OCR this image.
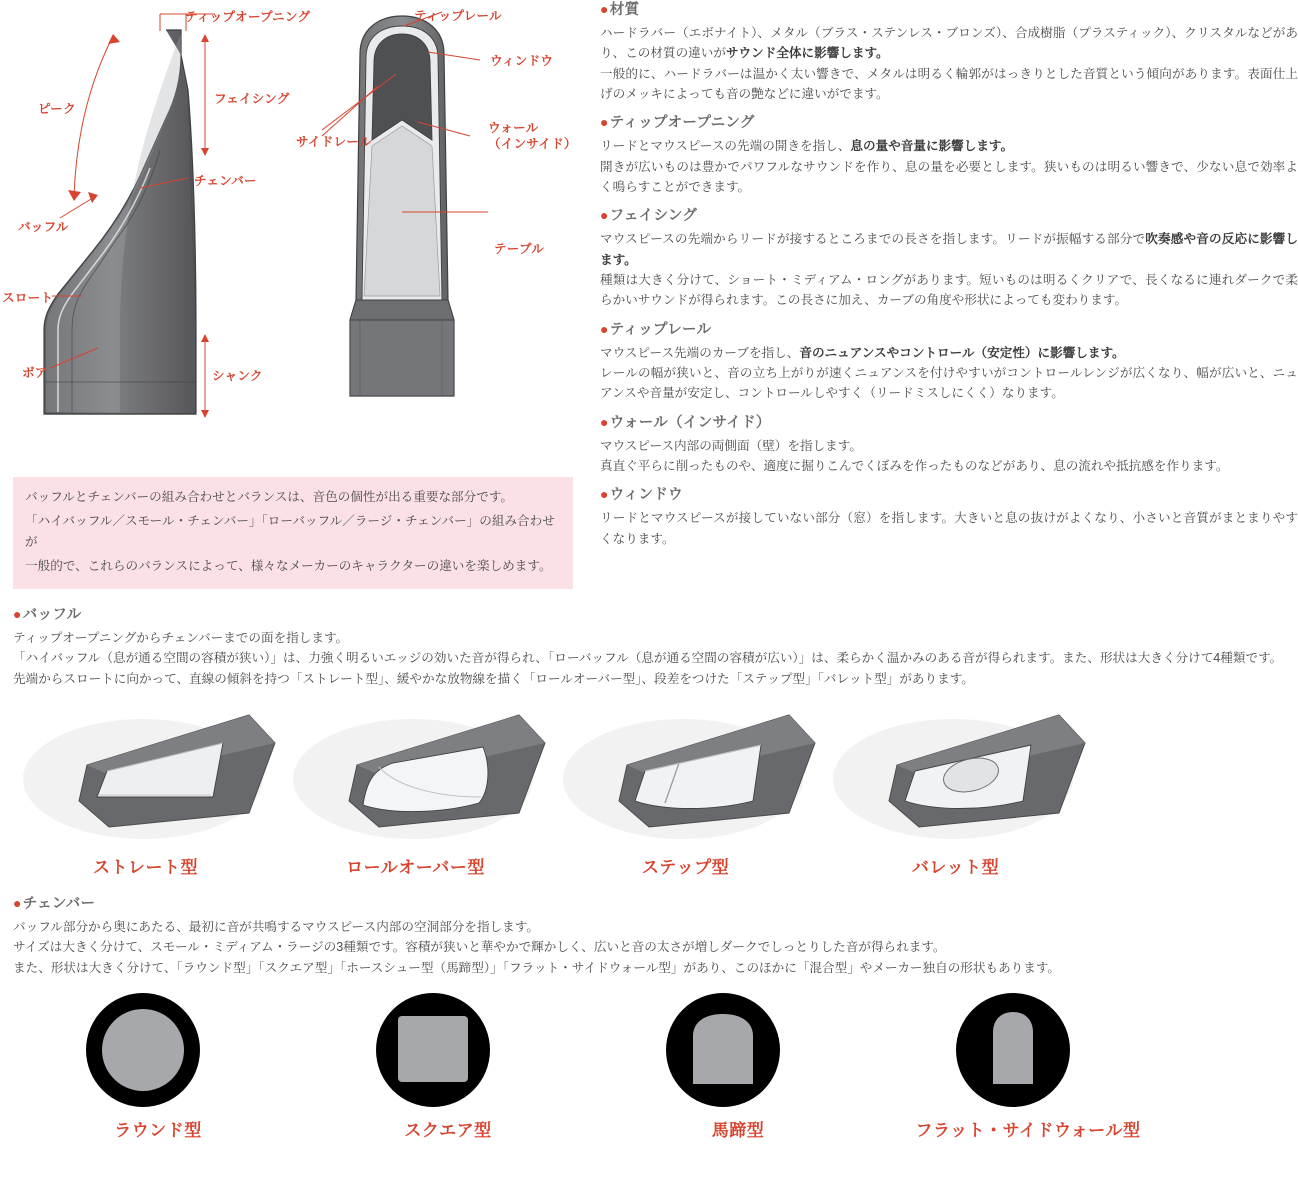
ティップオープニング
フェイシング
ピーク
チェンバー
バッフル
スロート
ボア	シャンク
ティップレール
ウィンドウ
サイドレール
ウォール
（インサイド）
テーブル
●材質
ハードラバー（エボナイト）、メタル（ブラス・ステンレス・ブロンズ）、合成樹脂（プラスティック）、クリスタルなどがあり、この材質の違いがサウンド全体に影響します。
一般的に、ハードラバーは温かく太い響きで、メタルは明るく輪郭がはっきりとした音質という傾向があります。表面仕上げのメッキによっても音の艶などに違いがでます。
●ティップオープニング
リードとマウスピースの先端の開きを指し、息の量や音量に影響します。
開きが広いものは豊かでパワフルなサウンドを作り、息の量を必要とします。狭いものは明るい響きで、少ない息で効率よく鳴らすことができます。
●フェイシング
マウスピースの先端からリードが接するところまでの長さを指します。リードが振幅する部分で吹奏感や音の反応に影響します。
種類は大きく分けて、ショート・ミディアム・ロングがあります。短いものは明るくクリアで、長くなるに連れダークで柔らかいサウンドが得られます。この長さに加え、カーブの角度や形状によっても変わります。
●ティップレール
マウスピース先端のカーブを指し、音のニュアンスやコントロール（安定性）に影響します。
レールの幅が狭いと、音の立ち上がりが速くニュアンスを付けやすいがコントロールレンジが広くなり、幅が広いと、ニュアンスや音量が安定し、コントロールしやすく（リードミスしにくく）なります。
●ウォール（インサイド）
マウスピース内部の両側面（壁）を指します。
真直ぐ平らに削ったものや、適度に掘りこんでくぼみを作ったものなどがあり、息の流れや抵抗感を作ります。
●ウィンドウ
リードとマウスピースが接していない部分（窓）を指します。大きいと息の抜けがよくなり、小さいと音質がまとまりやすくなります。

バッフルとチェンバーの組み合わせとバランスは、音色の個性が出る重要な部分です。

「ハイバッフル／スモール・チェンバー」「ローバッフル／ラージ・チェンバー」の組み合わせが

一般的で、これらのバランスによって、様々なメーカーのキャラクターの違いを楽しめます。

●バッフル
ティップオープニングからチェンバーまでの面を指します。
「ハイバッフル（息が通る空間の容積が狭い）」は、力強く明るいエッジの効いた音が得られ、「ローバッフル（息が通る空間の容積が広い）」は、柔らかく温かみのある音が得られます。また、形状は大きく分けて4種類です。先端からスロートに向かって、直線の傾斜を持つ「ストレート型」、緩やかな放物線を描く「ロールオーバー型」、段差をつけた「ステップ型」「バレット型」があります。
ストレート型	ロールオーバー型	ステップ型	バレット型
●チェンバー
バッフル部分から奥にあたる、最初に音が共鳴するマウスピース内部の空洞部分を指します。
サイズは大きく分けて、スモール・ミディアム・ラージの3種類です。容積が狭いと華やかで輝かしく、広いと音の太さが増しダークでしっとりした音が得られます。
また、形状は大きく分けて、「ラウンド型」「スクエア型」「ホースシュー型（馬蹄型）」「フラット・サイドウォール型」があり、このほかに「混合型」やメーカー独自の形状もあります。
ラウンド型	スクエア型	馬蹄型	フラット・サイドウォール型
